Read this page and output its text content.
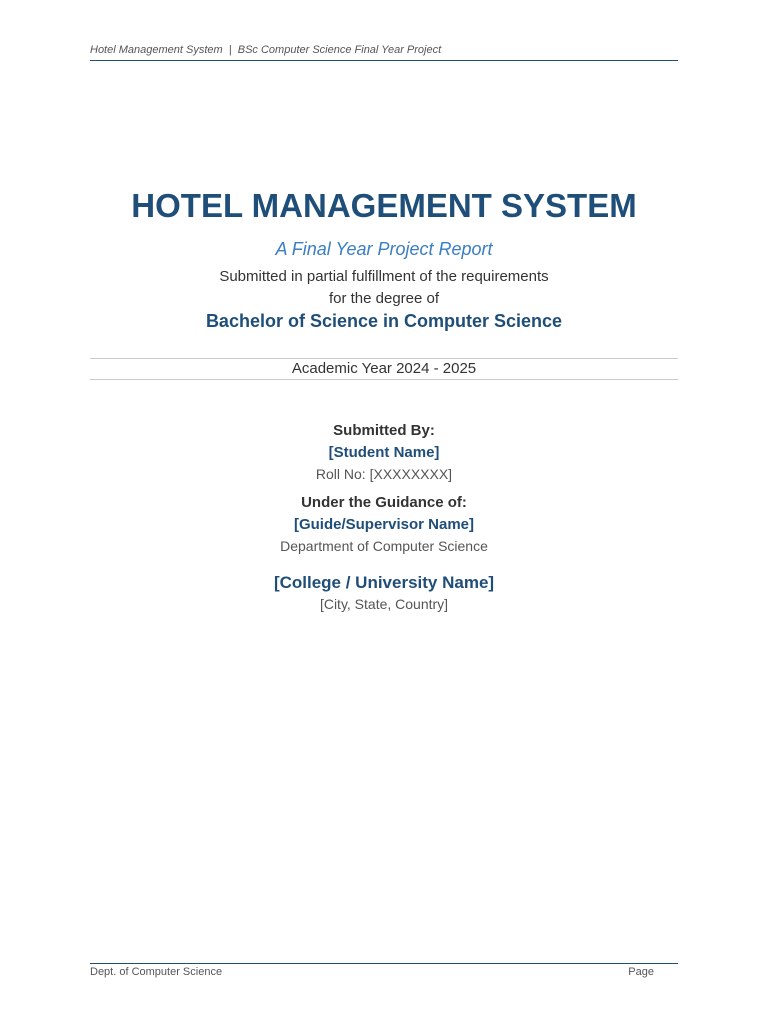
Hotel Management System  |  BSc Computer Science Final Year Project
HOTEL MANAGEMENT SYSTEM
A Final Year Project Report
Submitted in partial fulfillment of the requirements
for the degree of
Bachelor of Science in Computer Science
Academic Year 2024 - 2025
Submitted By:
[Student Name]
Roll No: [XXXXXXXX]
Under the Guidance of:
[Guide/Supervisor Name]
Department of Computer Science
[College / University Name]
[City, State, Country]
Dept. of Computer Science	Page
